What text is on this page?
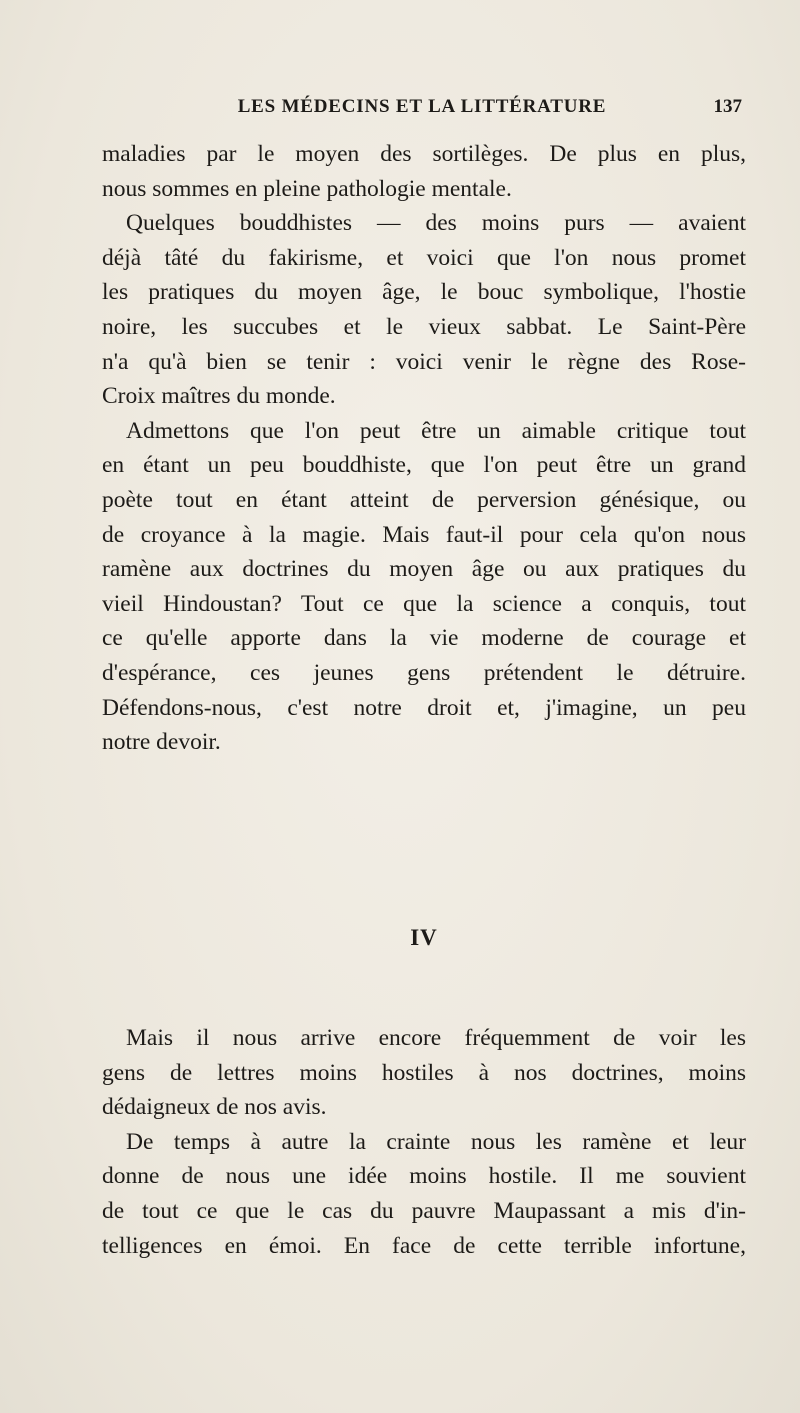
LES MÉDECINS ET LA LITTÉRATURE	137
maladies par le moyen des sortilèges. De plus en plus,
nous sommes en pleine pathologie mentale.
Quelques bouddhistes — des moins purs — avaient
déjà tâté du fakirisme, et voici que l'on nous promet
les pratiques du moyen âge, le bouc symbolique, l'hostie
noire, les succubes et le vieux sabbat. Le Saint-Père
n'a qu'à bien se tenir : voici venir le règne des Rose-
Croix maîtres du monde.
Admettons que l'on peut être un aimable critique tout
en étant un peu bouddhiste, que l'on peut être un grand
poète tout en étant atteint de perversion génésique, ou
de croyance à la magie. Mais faut-il pour cela qu'on nous
ramène aux doctrines du moyen âge ou aux pratiques du
vieil Hindoustan? Tout ce que la science a conquis, tout
ce qu'elle apporte dans la vie moderne de courage et
d'espérance, ces jeunes gens prétendent le détruire.
Défendons-nous, c'est notre droit et, j'imagine, un peu
notre devoir.
IV
Mais il nous arrive encore fréquemment de voir les
gens de lettres moins hostiles à nos doctrines, moins
dédaigneux de nos avis.
De temps à autre la crainte nous les ramène et leur
donne de nous une idée moins hostile. Il me souvient
de tout ce que le cas du pauvre Maupassant a mis d'in-
telligences en émoi. En face de cette terrible infortune,
